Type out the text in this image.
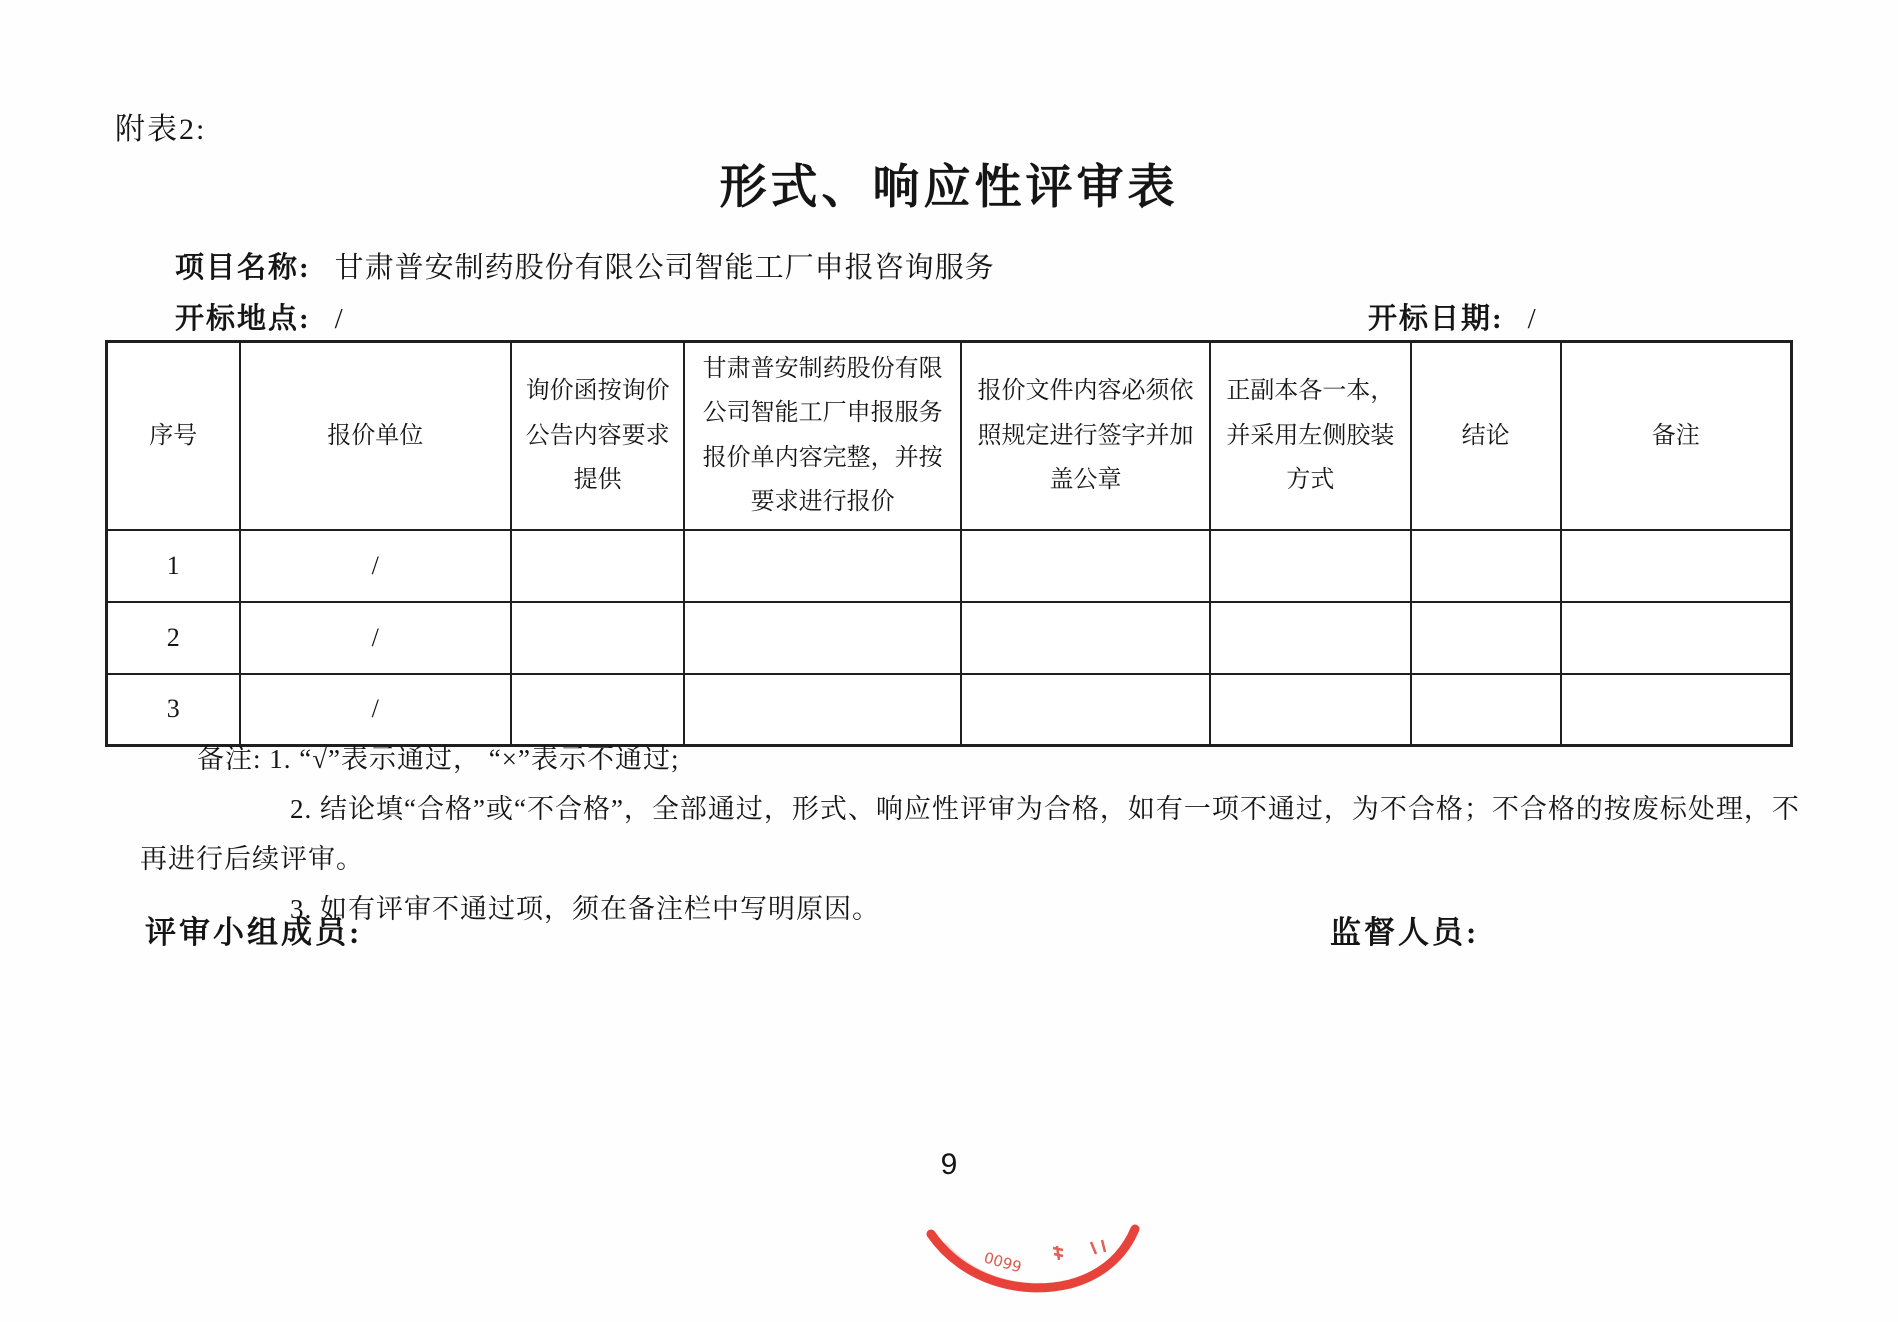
附表2:
形式、响应性评审表
项目名称: 甘肃普安制药股份有限公司智能工厂申报咨询服务
开标地点: /	开标日期: /
序号	报价单位	询价函按询价公告内容要求提供	甘肃普安制药股份有限公司智能工厂申报服务报价单内容完整，并按要求进行报价	报价文件内容必须依照规定进行签字并加盖公章	正副本各一本，并采用左侧胶装方式	结论	备注
1	/						
2	/						
3	/						
备注: 1. “√”表示通过， “×”表示不通过;
2. 结论填“合格”或“不合格”，全部通过，形式、响应性评审为合格，如有一项不通过，为不合格；不合格的按废标处理，不
再进行后续评审。
3. 如有评审不通过项，须在备注栏中写明原因。
评审小组成员:	监督人员:
9
0099
